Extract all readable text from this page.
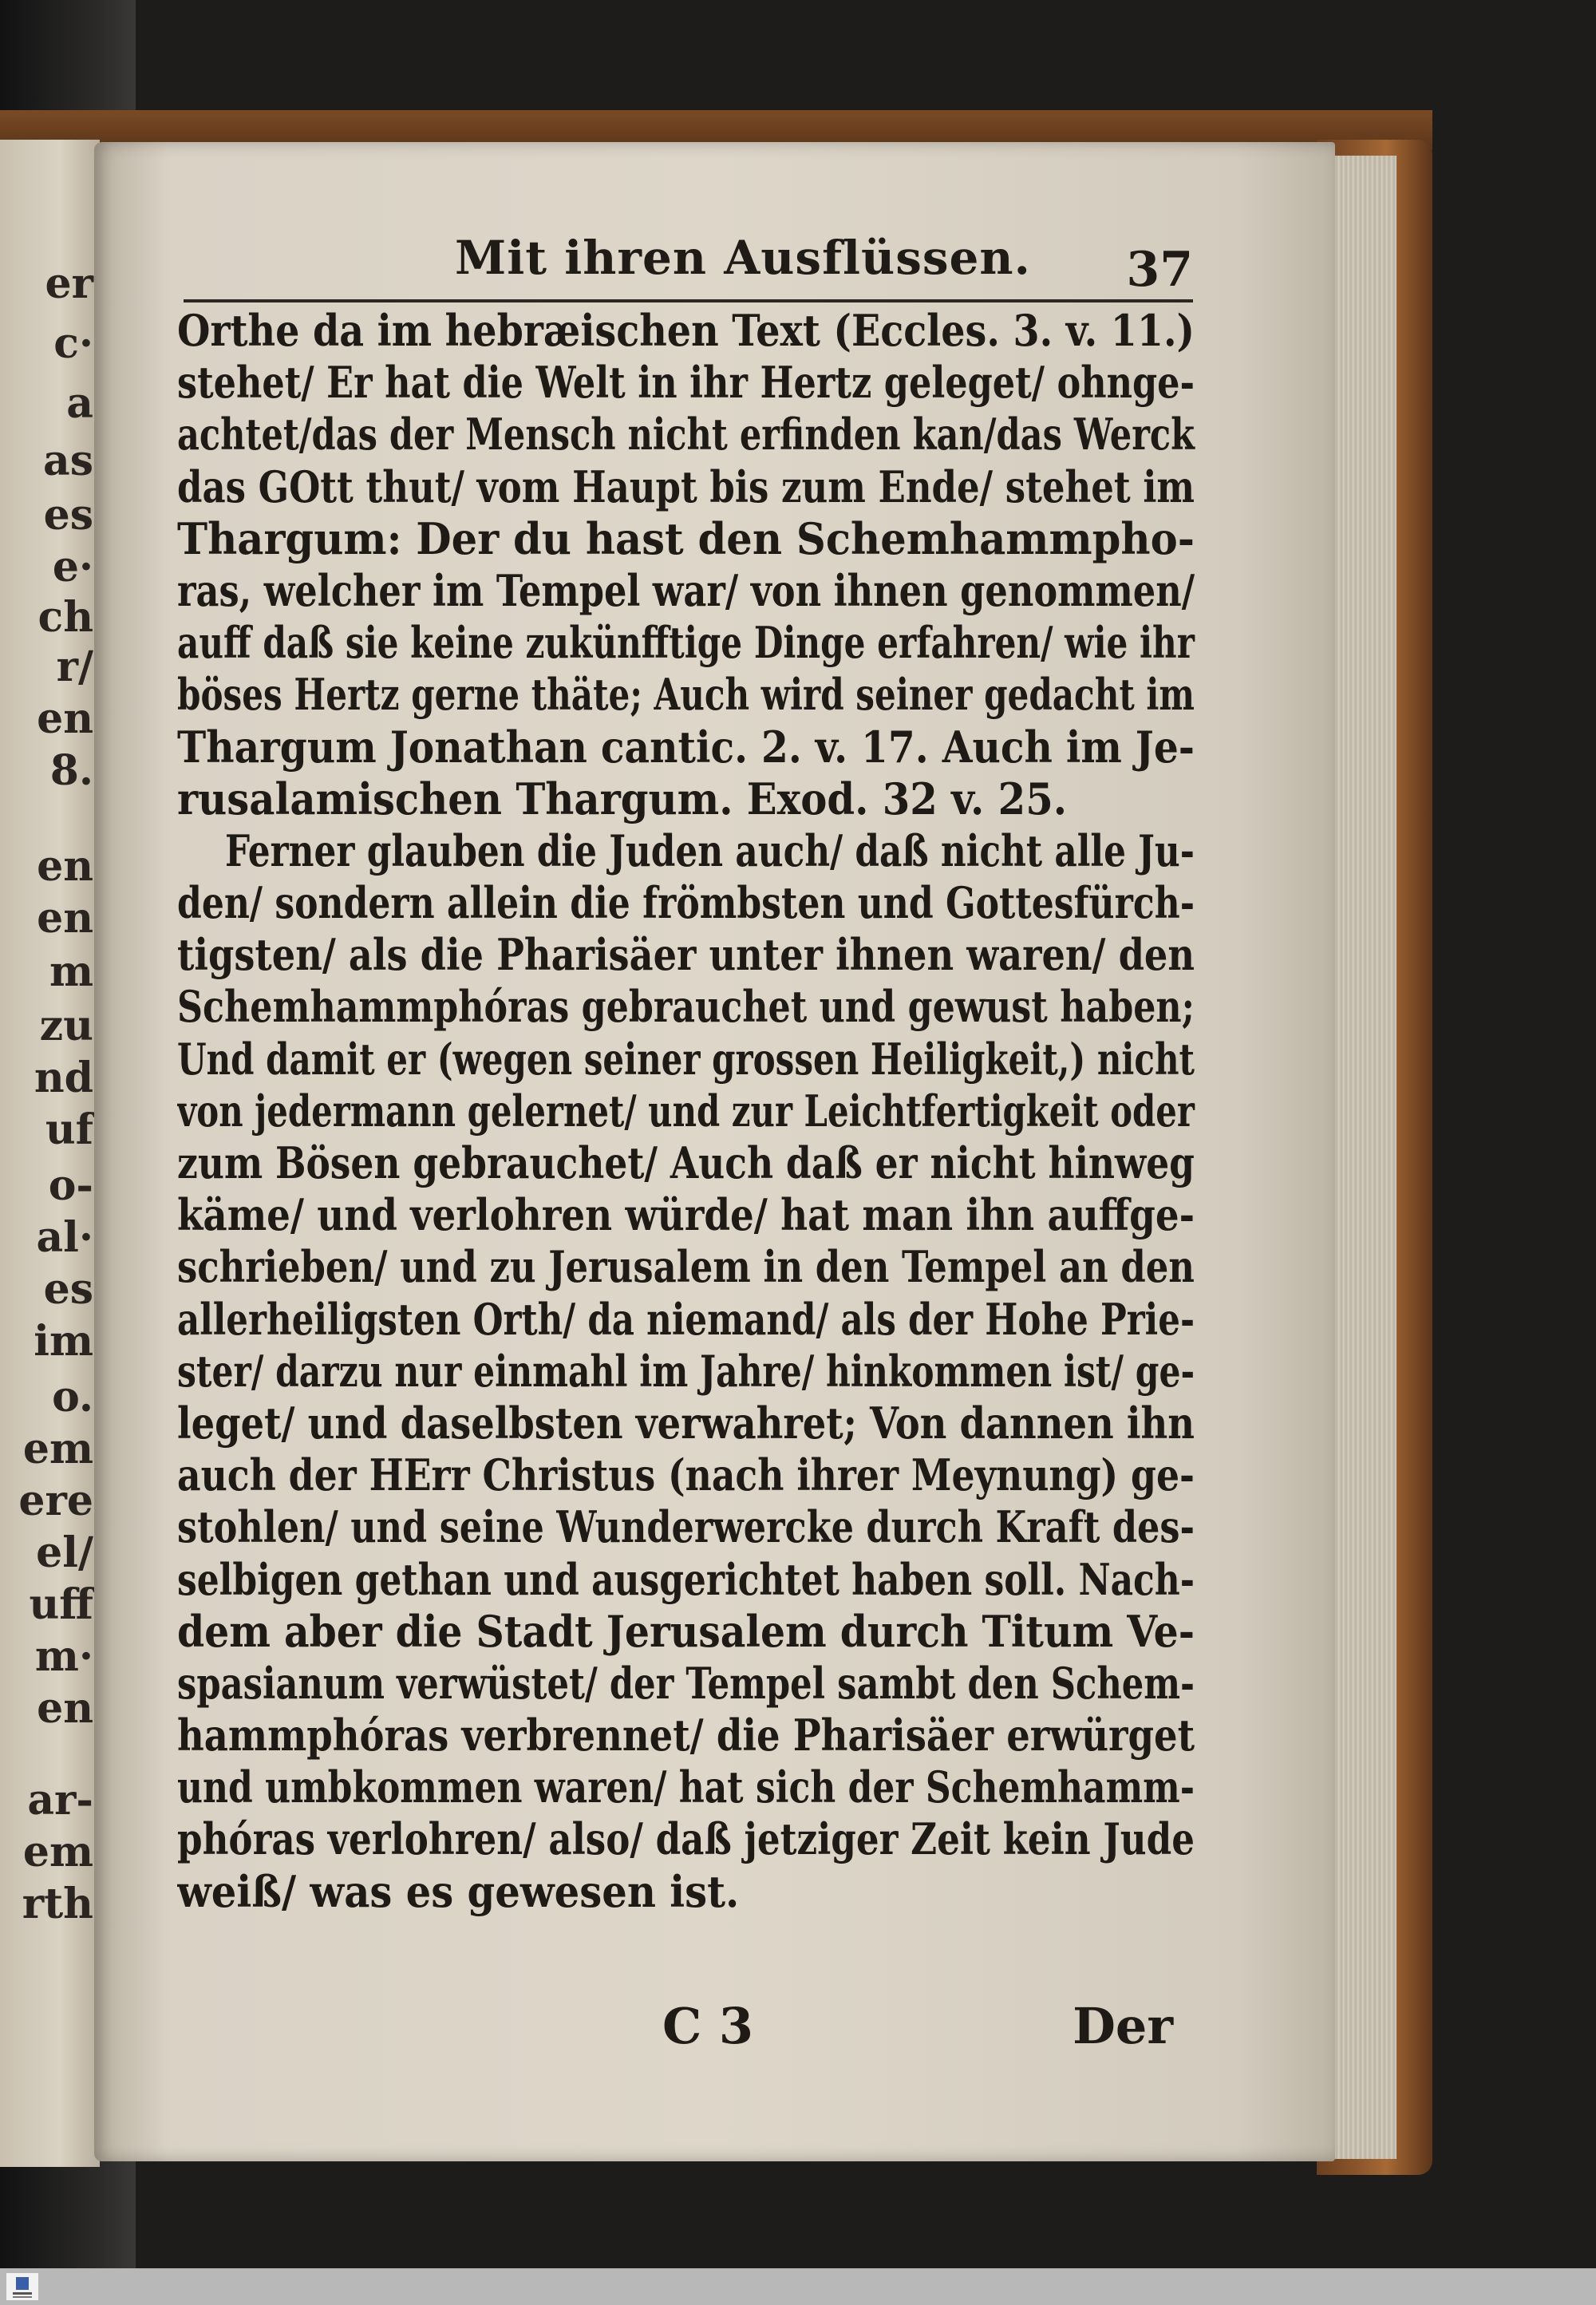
er
c·
a
as
es
e·
ch
r/
en
8.
en
en
m
zu
nd
uf
o-
al·
es
im
o.
em
ere
el/
uff
m·
en
ar-
em
rth
Mit ihren Ausflüssen. 37
Orthe da im hebræischen Text (Eccles. 3. v. 11.)
stehet/ Er hat die Welt in ihr Hertz geleget/ ohnge-
achtet/das der Mensch nicht erfinden kan/das Werck
das GOtt thut/ vom Haupt bis zum Ende/ stehet im
Thargum: Der du hast den Schemhammpho-
ras, welcher im Tempel war/ von ihnen genommen/
auff daß sie keine zukünfftige Dinge erfahren/ wie ihr
böses Hertz gerne thäte; Auch wird seiner gedacht im
Thargum Jonathan cantic. 2. v. 17. Auch im Je-
rusalamischen Thargum. Exod. 32 v. 25.
Ferner glauben die Juden auch/ daß nicht alle Ju-
den/ sondern allein die frömbsten und Gottesfürch-
tigsten/ als die Pharisäer unter ihnen waren/ den
Schemhammphóras gebrauchet und gewust haben;
Und damit er (wegen seiner grossen Heiligkeit,) nicht
von jedermann gelernet/ und zur Leichtfertigkeit oder
zum Bösen gebrauchet/ Auch daß er nicht hinweg
käme/ und verlohren würde/ hat man ihn auffge-
schrieben/ und zu Jerusalem in den Tempel an den
allerheiligsten Orth/ da niemand/ als der Hohe Prie-
ster/ darzu nur einmahl im Jahre/ hinkommen ist/ ge-
leget/ und daselbsten verwahret; Von dannen ihn
auch der HErr Christus (nach ihrer Meynung) ge-
stohlen/ und seine Wunderwercke durch Kraft des-
selbigen gethan und ausgerichtet haben soll. Nach-
dem aber die Stadt Jerusalem durch Titum Ve-
spasianum verwüstet/ der Tempel sambt den Schem-
hammphóras verbrennet/ die Pharisäer erwürget
und umbkommen waren/ hat sich der Schemhamm-
phóras verlohren/ also/ daß jetziger Zeit kein Jude
weiß/ was es gewesen ist.
C 3	Der
